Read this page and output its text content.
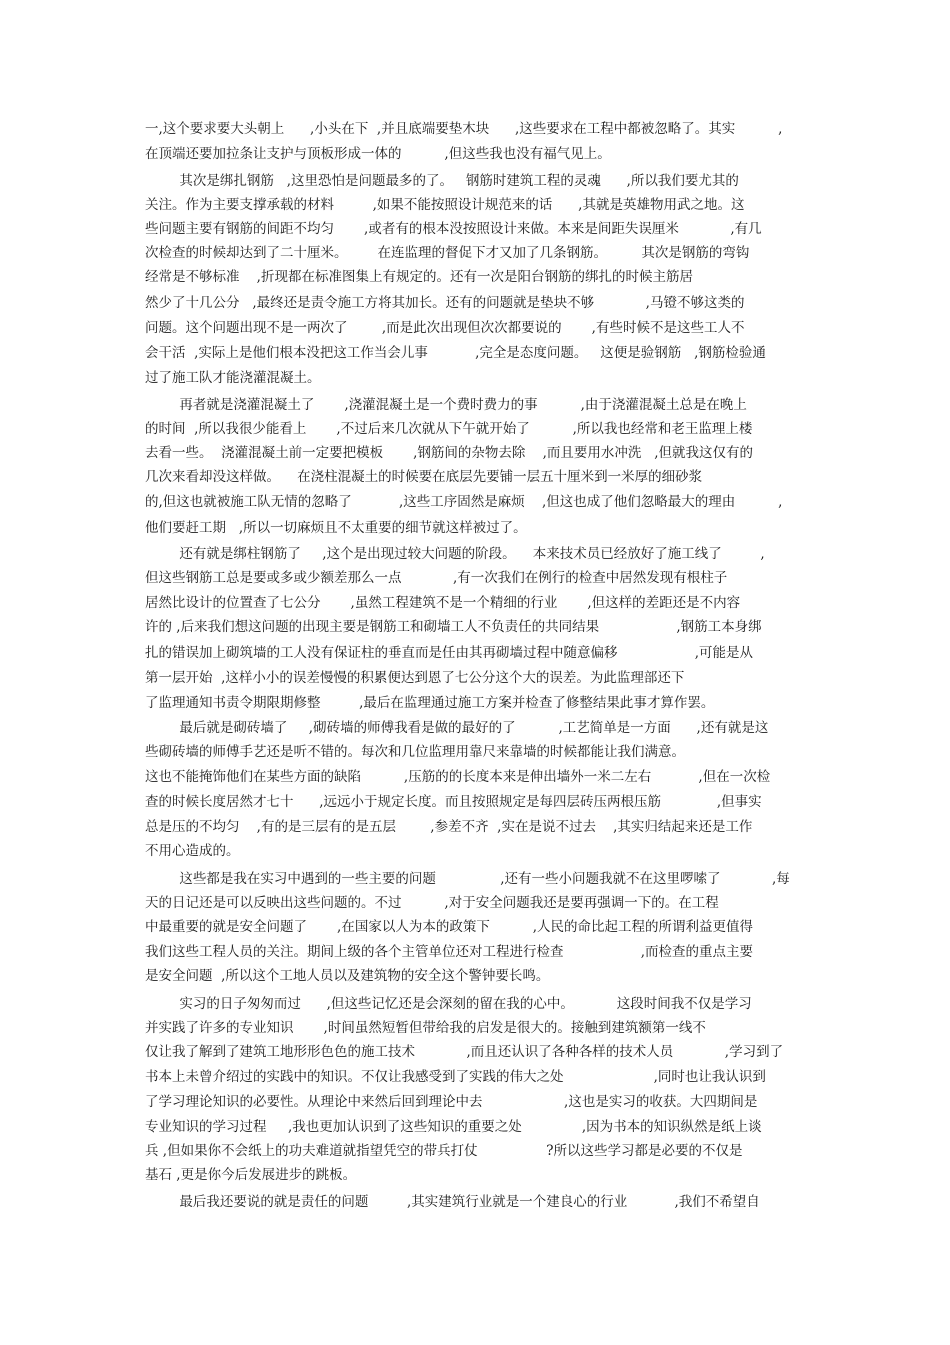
一,这个要求要大头朝上      ,小头在下  ,并且底端要垫木块      ,这些要求在工程中都被忽略了。其实          ,
在顶端还要加拉条让支护与顶板形成一体的          ,但这些我也没有福气见上。
其次是绑扎钢筋   ,这里恐怕是问题最多的了。   钢筋时建筑工程的灵魂      ,所以我们要尤其的
关注。作为主要支撑承载的材料         ,如果不能按照设计规范来的话      ,其就是英雄物用武之地。这
些问题主要有钢筋的间距不均匀       ,或者有的根本没按照设计来做。本来是间距失误厘米            ,有几
次检查的时候却达到了二十厘米。       在连监理的督促下才又加了几条钢筋。        其次是钢筋的弯钩
经常是不够标准    ,折现都在标准图集上有规定的。还有一次是阳台钢筋的绑扎的时候主筋居
然少了十几公分   ,最终还是责令施工方将其加长。还有的问题就是垫块不够            ,马镫不够这类的
问题。这个问题出现不是一两次了        ,而是此次出现但次次都要说的       ,有些时候不是这些工人不
会干活  ,实际上是他们根本没把这工作当会儿事           ,完全是态度问题。   这便是验钢筋   ,钢筋检验通
过了施工队才能浇灌混凝土。
再者就是浇灌混凝土了       ,浇灌混凝土是一个费时费力的事          ,由于浇灌混凝土总是在晚上
的时间  ,所以我很少能看上       ,不过后来几次就从下午就开始了          ,所以我也经常和老王监理上楼
去看一些。  浇灌混凝土前一定要把模板       ,钢筋间的杂物去除    ,而且要用水冲洗   ,但就我这仅有的
几次来看却没这样做。    在浇柱混凝土的时候要在底层先要铺一层五十厘米到一米厚的细砂浆
的,但这也就被施工队无情的忽略了           ,这些工序固然是麻烦    ,但这也成了他们忽略最大的理由          ,
他们要赶工期   ,所以一切麻烦且不太重要的细节就这样被过了。
还有就是绑柱钢筋了     ,这个是出现过较大问题的阶段。    本来技术员已经放好了施工线了         ,
但这些钢筋工总是要或多或少额差那么一点            ,有一次我们在例行的检查中居然发现有根柱子
居然比设计的位置查了七公分       ,虽然工程建筑不是一个精细的行业       ,但这样的差距还是不内容
许的 ,后来我们想这问题的出现主要是钢筋工和砌墙工人不负责任的共同结果                  ,钢筋工本身绑
扎的错误加上砌筑墙的工人没有保证柱的垂直而是任由其再砌墙过程中随意偏移                  ,可能是从
第一层开始  ,这样小小的误差慢慢的积累便达到恩了七公分这个大的误差。为此监理部还下
了监理通知书责令期限期修整         ,最后在监理通过施工方案并检查了修整结果此事才算作罢。
最后就是砌砖墙了     ,砌砖墙的师傅我看是做的最好的了          ,工艺简单是一方面      ,还有就是这
些砌砖墙的师傅手艺还是听不错的。每次和几位监理用靠尺来靠墙的时候都能让我们满意。
这也不能掩饰他们在某些方面的缺陷          ,压筋的的长度本来是伸出墙外一米二左右           ,但在一次检
查的时候长度居然才七十      ,远远小于规定长度。而且按照规定是每四层砖压两根压筋             ,但事实
总是压的不均匀    ,有的是三层有的是五层        ,参差不齐  ,实在是说不过去    ,其实归结起来还是工作
不用心造成的。
这些都是我在实习中遇到的一些主要的问题               ,还有一些小问题我就不在这里啰嗦了            ,每
天的日记还是可以反映出这些问题的。不过          ,对于安全问题我还是要再强调一下的。在工程
中最重要的就是安全问题了       ,在国家以人为本的政策下          ,人民的命比起工程的所谓利益更值得
我们这些工程人员的关注。期间上级的各个主管单位还对工程进行检查                  ,而检查的重点主要
是安全问题  ,所以这个工地人员以及建筑物的安全这个警钟要长鸣。
实习的日子匆匆而过      ,但这些记忆还是会深刻的留在我的心中。          这段时间我不仅是学习
并实践了许多的专业知识       ,时间虽然短暂但带给我的启发是很大的。接触到建筑额第一线不
仅让我了解到了建筑工地形形色色的施工技术            ,而且还认识了各种各样的技术人员            ,学习到了
书本上未曾介绍过的实践中的知识。不仅让我感受到了实践的伟大之处                     ,同时也让我认识到
了学习理论知识的必要性。从理论中来然后回到理论中去                   ,这也是实习的收获。大四期间是
专业知识的学习过程     ,我也更加认识到了这些知识的重要之处              ,因为书本的知识纵然是纸上谈
兵 ,但如果你不会纸上的功夫难道就指望凭空的带兵打仗                ?所以这些学习都是必要的不仅是
基石 ,更是你今后发展进步的跳板。
最后我还要说的就是责任的问题         ,其实建筑行业就是一个建良心的行业           ,我们不希望自
